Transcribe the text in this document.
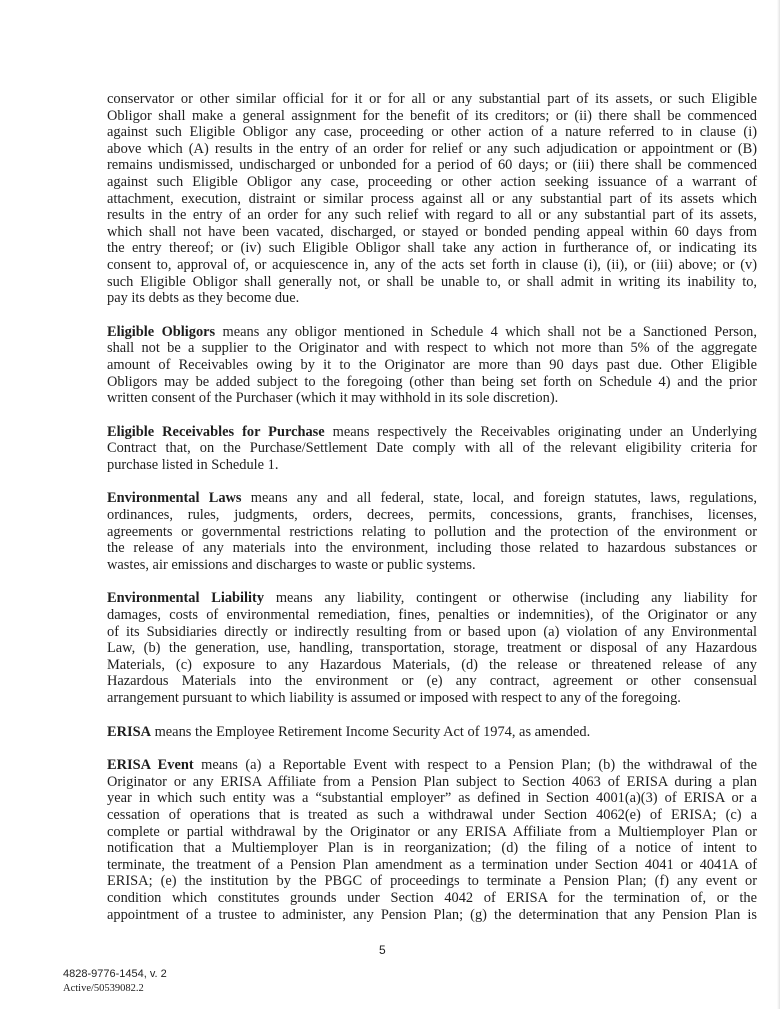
conservator or other similar official for it or for all or any substantial part of its assets, or such Eligible
Obligor shall make a general assignment for the benefit of its creditors; or (ii) there shall be commenced
against such Eligible Obligor any case, proceeding or other action of a nature referred to in clause (i)
above which (A) results in the entry of an order for relief or any such adjudication or appointment or (B)
remains undismissed, undischarged or unbonded for a period of 60 days; or (iii) there shall be commenced
against such Eligible Obligor any case, proceeding or other action seeking issuance of a warrant of
attachment, execution, distraint or similar process against all or any substantial part of its assets which
results in the entry of an order for any such relief with regard to all or any substantial part of its assets,
which shall not have been vacated, discharged, or stayed or bonded pending appeal within 60 days from
the entry thereof; or (iv) such Eligible Obligor shall take any action in furtherance of, or indicating its
consent to, approval of, or acquiescence in, any of the acts set forth in clause (i), (ii), or (iii) above; or (v)
such Eligible Obligor shall generally not, or shall be unable to, or shall admit in writing its inability to,
pay its debts as they become due.
Eligible Obligors means any obligor mentioned in Schedule 4 which shall not be a Sanctioned Person,
shall not be a supplier to the Originator and with respect to which not more than 5% of the aggregate
amount of Receivables owing by it to the Originator are more than 90 days past due. Other Eligible
Obligors may be added subject to the foregoing (other than being set forth on Schedule 4) and the prior
written consent of the Purchaser (which it may withhold in its sole discretion).
Eligible Receivables for Purchase means respectively the Receivables originating under an Underlying
Contract that, on the Purchase/Settlement Date comply with all of the relevant eligibility criteria for
purchase listed in Schedule 1.
Environmental Laws means any and all federal, state, local, and foreign statutes, laws, regulations,
ordinances, rules, judgments, orders, decrees, permits, concessions, grants, franchises, licenses,
agreements or governmental restrictions relating to pollution and the protection of the environment or
the release of any materials into the environment, including those related to hazardous substances or
wastes, air emissions and discharges to waste or public systems.
Environmental Liability means any liability, contingent or otherwise (including any liability for
damages, costs of environmental remediation, fines, penalties or indemnities), of the Originator or any
of its Subsidiaries directly or indirectly resulting from or based upon (a) violation of any Environmental
Law, (b) the generation, use, handling, transportation, storage, treatment or disposal of any Hazardous
Materials, (c) exposure to any Hazardous Materials, (d) the release or threatened release of any
Hazardous Materials into the environment or (e) any contract, agreement or other consensual
arrangement pursuant to which liability is assumed or imposed with respect to any of the foregoing.
ERISA means the Employee Retirement Income Security Act of 1974, as amended.
ERISA Event means (a) a Reportable Event with respect to a Pension Plan; (b) the withdrawal of the
Originator or any ERISA Affiliate from a Pension Plan subject to Section 4063 of ERISA during a plan
year in which such entity was a “substantial employer” as defined in Section 4001(a)(3) of ERISA or a
cessation of operations that is treated as such a withdrawal under Section 4062(e) of ERISA; (c) a
complete or partial withdrawal by the Originator or any ERISA Affiliate from a Multiemployer Plan or
notification that a Multiemployer Plan is in reorganization; (d) the filing of a notice of intent to
terminate, the treatment of a Pension Plan amendment as a termination under Section 4041 or 4041A of
ERISA; (e) the institution by the PBGC of proceedings to terminate a Pension Plan; (f) any event or
condition which constitutes grounds under Section 4042 of ERISA for the termination of, or the
appointment of a trustee to administer, any Pension Plan; (g) the determination that any Pension Plan is
5
4828-9776-1454, v. 2
Active/50539082.2
